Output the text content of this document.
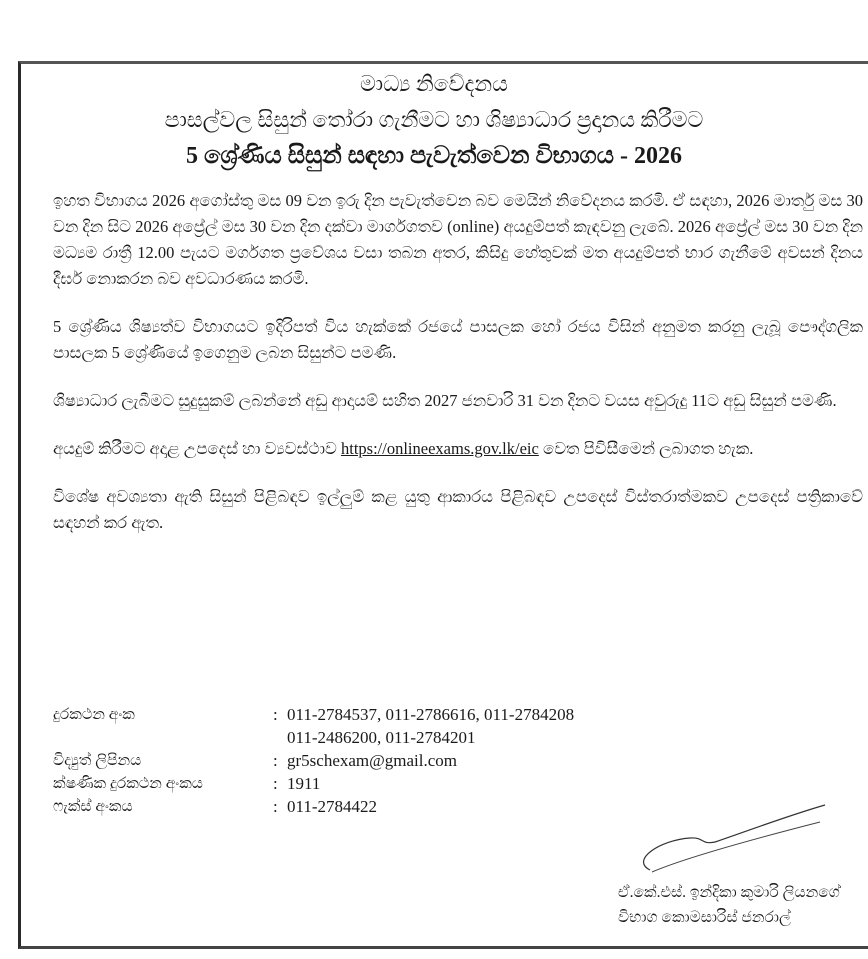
මාධ්‍ය නිවේදනය
පාසල්වල සිසුන් තෝරා ගැනීමට හා ශිෂ්‍යාධාර ප්‍රදානය කිරීමට
5 ශ්‍රේණිය සිසුන් සඳහා පැවැත්වෙන විභාගය - 2026

ඉහත විභාගය 2026 අගෝස්තු මස 09 වන ඉරු දින පැවැත්වෙන බව මෙයින් නිවේදනය කරමි. ඒ සඳහා, 2026 මාර්තු මස 30 වන දින සිට 2026 අප්‍රේල් මස 30 වන දින දක්වා මාර්ගගතව (online) අයදුම්පත් කැඳවනු ලැබේ. 2026 අප්‍රේල් මස 30 වන දින මධ්‍යම රාත්‍රී 12.00 පැයට මර්ගගත ප්‍රවේශය වසා තබන අතර, කිසිදු හේතුවක් මත අයදුම්පත් භාර ගැනීමේ අවසන් දිනය දීර්ඝ නොකරන බව අවධාරණය කරමි.

5 ශ්‍රේණිය ශිෂ්‍යත්ව විභාගයට ඉදිරිපත් විය හැක්කේ රජයේ පාසලක හෝ රජය විසින් අනුමත කරනු ලැබූ පෞද්ගලික පාසලක 5 ශ්‍රේණියේ ඉගෙනුම ලබන සිසුන්ට පමණි.

ශිෂ්‍යාධාර ලැබීමට සුදුසුකම් ලබන්නේ අඩු ආදායම් සහිත 2027 ජනවාරි 31 වන දිනට වයස අවුරුදු 11ට අඩු සිසුන් පමණි.

අයදුම් කිරීමට අදාළ උපදෙස් හා ව්‍යවස්ථාව https://onlineexams.gov.lk/eic වෙත පිවිසීමෙන් ලබාගත හැක.

විශේෂ අවශ්‍යතා ඇති සිසුන් පිළිබඳව ඉල්ලුම් කළ යුතු ආකාරය පිළිබඳව උපදෙස් විස්තරාත්මකව උපදෙස් පත්‍රිකාවේ සඳහන් කර ඇත.

දුරකථන අංක	: 011-2784537, 011-2786616, 011-2784208
011-2486200, 011-2784201
විද්‍යුත් ලිපිනය	: gr5schexam@gmail.com
ක්ෂණික දුරකථන අංකය	: 1911
ෆැක්ස් අංකය	: 011-2784422
ඒ.කේ.එස්. ඉන්දිකා කුමාරි ලියනගේ
විභාග කොමසාරිස් ජනරාල්
